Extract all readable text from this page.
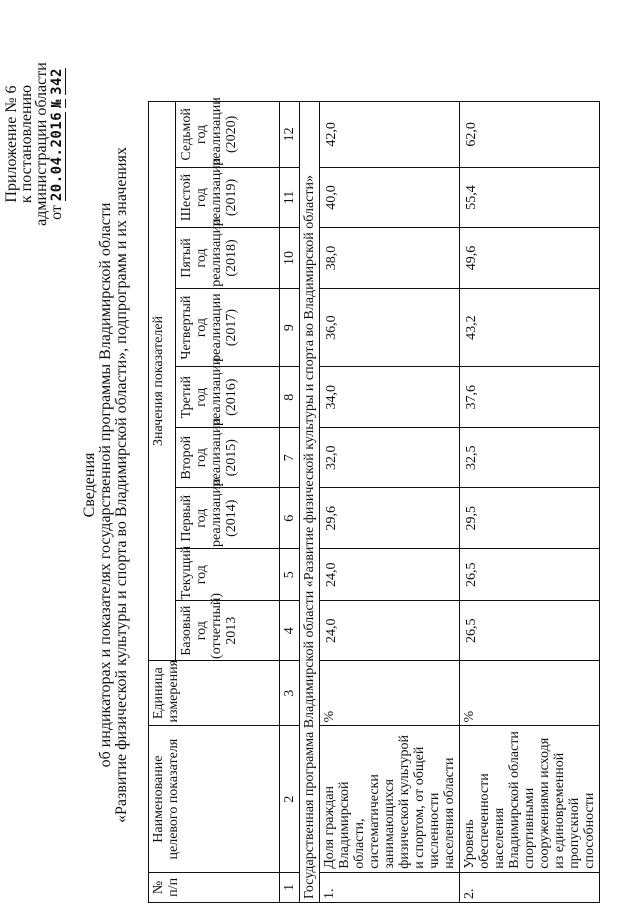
Приложение № 6
к постановлению
администрации области
от 20.04.2016 № 342
Сведения об индикаторах и показателях государственной программы Владимирской области «Развитие физической культуры и спорта во Владимирской области», подпрограмм и их значениях
№ п/п	Наименование целевого показателя	Единица измерения	Значения показателей								
			Базовый год (отчетный) 2013	Текущий год	Первый год реализации (2014)	Второй год реализации (2015)	Третий год реализации (2016)	Четвертый год реализации (2017)	Пятый год реализации (2018)	Шестой год реализации (2019)	Седьмой год реализации (2020)
1	2	3	4	5	6	7	8	9	10	11	12
Государственная программа Владимирской области «Развитие физической культуры и спорта во Владимирской области»											
1.	Доля граждан Владимирской области, систематически занимающихся физической культурой и спортом, от общей численности населения области	%	24,0	24,0	29,6	32,0	34,0	36,0	38,0	40,0	42,0
2.	Уровень обеспеченности населения Владимирской области спортивными сооружениями исходя из единовременной пропускной способности	%	26,5	26,5	29,5	32,5	37,6	43,2	49,6	55,4	62,0
